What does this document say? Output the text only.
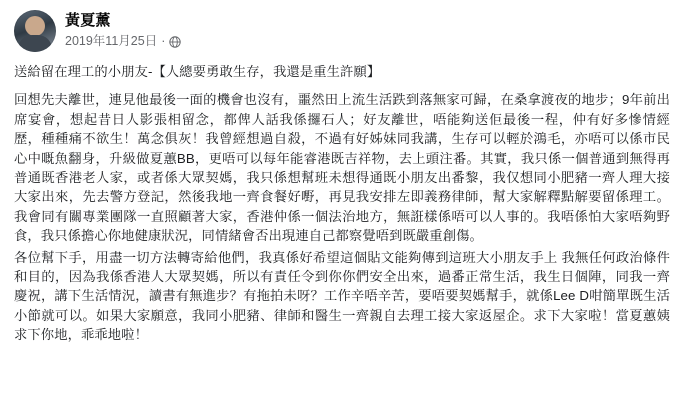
黃夏薰
2019年11月25日 ·

送給留在理工的小朋友-【人總要勇敢生存，我還是重生許願】

回想先夫離世，連見他最後一面的機會也沒有，噩然田上流生活跌到落無家可歸，在桑拿渡夜的地步；9年前出席宴會，想起昔日人影張相留念，都俾人話我係攞石人；好友離世，唔能夠送佢最後一程，仲有好多慘情經歷，種種痛不欲生！萬念俱灰！我曾經想過自殺，不過有好姊妹同我講，生存可以輕於鴻毛，亦唔可以係市民心中嘅魚翻身，升級做夏蕙BB，更唔可以每年能睿港既吉祥物，去上頭注番。其實，我只係一個普通到無得再普通既香港老人家，或者係大眾契媽，我只係想幫班未想得通既小朋友出番黎，我仅想同小肥豬一齊人理大接大家出來，先去警方登記，然後我地一齊食餐好嘢，再見我安排左即義務律師，幫大家解釋點解要留係理工。我會同有關專業團隊一直照顧著大家，香港仲係一個法治地方，無誑樣係唔可以人事的。我唔係怕大家唔夠野食，我只係擔心你地健康狀況，同情緒會否出現連自己都察覺唔到既嚴重創傷。

各位幫下手，用盡一切方法轉寄給他們，我真係好希望這個貼文能夠傳到這班大小朋友手上 我無任何政治條件和目的，因為我係香港人大眾契媽，所以有責任令到你你們安全出來，過番正常生活，我生日個陣，同我一齊慶祝，講下生活情況，讀書有無進步？有拖拍未呀？工作辛唔辛苦，要唔要契媽幫手，就係Lee D咁簡單既生活小節就可以。如果大家願意，我同小肥豬、律師和醫生一齊親自去理工接大家返屋企。求下大家啦！當夏蕙姨求下你地，乖乖地啦！
